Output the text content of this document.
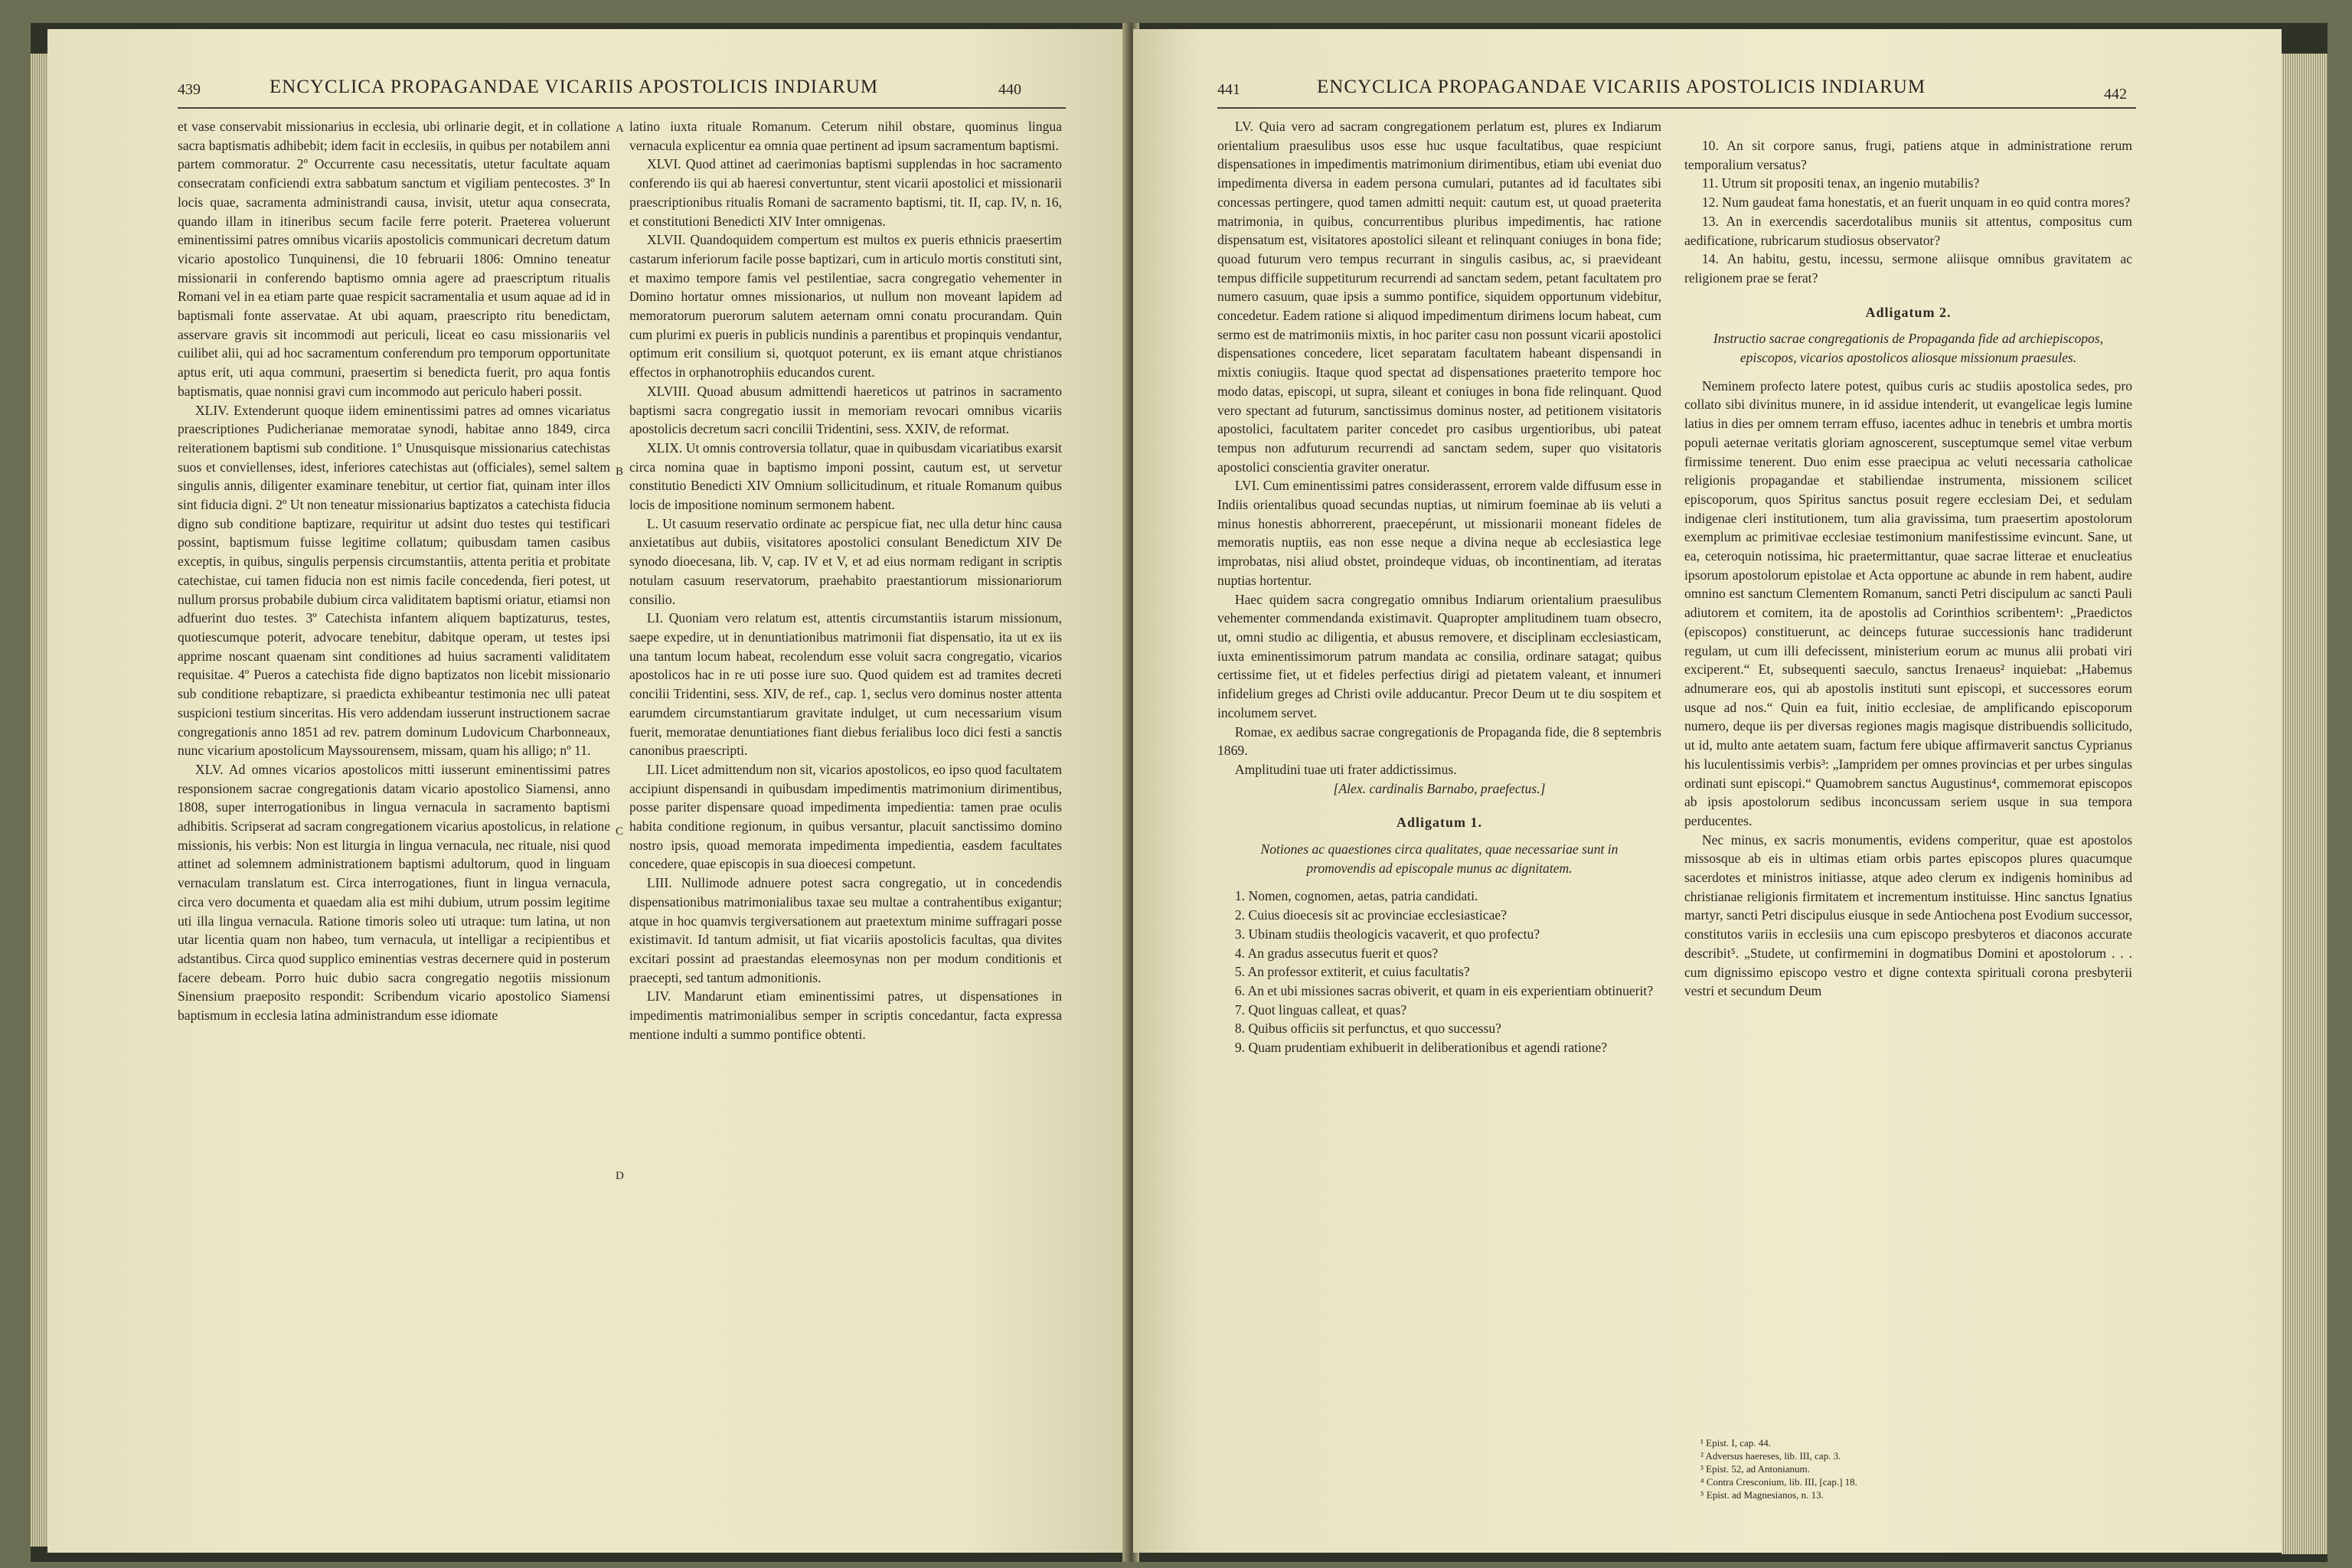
439	ENCYCLICA PROPAGANDAE VICARIIS APOSTOLICIS INDIARUM	440

et vase conservabit missionarius in ecclesia, ubi orlinarie degit, et in collatione sacra baptismatis adhibebit; idem facit in ecclesiis, in quibus per notabilem anni partem commoratur. 2º Occurrente casu necessitatis, utetur facultate aquam consecratam conficiendi extra sabbatum sanctum et vigiliam pentecostes. 3º In locis quae, sacramenta administrandi causa, invisit, utetur aqua consecrata, quando illam in itineribus secum facile ferre poterit. Praeterea voluerunt eminentissimi patres omnibus vicariis apostolicis communicari decretum datum vicario apostolico Tunquinensi, die 10 februarii 1806: Omnino teneatur missionarii in conferendo baptismo omnia agere ad praescriptum ritualis Romani vel in ea etiam parte quae respicit sacramentalia et usum aquae ad id in baptismali fonte asservatae. At ubi aquam, praescripto ritu benedictam, asservare gravis sit incommodi aut periculi, liceat eo casu missionariis vel cuilibet alii, qui ad hoc sacramentum conferendum pro temporum opportunitate aptus erit, uti aqua communi, praesertim si benedicta fuerit, pro aqua fontis baptismatis, quae nonnisi gravi cum incommodo aut periculo haberi possit.

XLIV. Extenderunt quoque iidem eminentissimi patres ad omnes vicariatus praescriptiones Pudicherianae memoratae synodi, habitae anno 1849, circa reiterationem baptismi sub conditione. 1º Unusquisque missionarius catechistas suos et conviellenses, idest, inferiores catechistas aut (officiales), semel saltem singulis annis, diligenter examinare tenebitur, ut certior fiat, quinam inter illos sint fiducia digni. 2º Ut non teneatur missionarius baptizatos a catechista fiducia digno sub conditione baptizare, requiritur ut adsint duo testes qui testificari possint, baptismum fuisse legitime collatum; quibusdam tamen casibus exceptis, in quibus, singulis perpensis circumstantiis, attenta peritia et probitate catechistae, cui tamen fiducia non est nimis facile concedenda, fieri potest, ut nullum prorsus probabile dubium circa validitatem baptismi oriatur, etiamsi non adfuerint duo testes. 3º Catechista infantem aliquem baptizaturus, testes, quotiescumque poterit, advocare tenebitur, dabitque operam, ut testes ipsi apprime noscant quaenam sint conditiones ad huius sacramenti validitatem requisitae. 4º Pueros a catechista fide digno baptizatos non licebit missionario sub conditione rebaptizare, si praedicta exhibeantur testimonia nec ulli pateat suspicioni testium sinceritas. His vero addendam iusserunt instructionem sacrae congregationis anno 1851 ad rev. patrem dominum Ludovicum Charbonneaux, nunc vicarium apostolicum Mayssourensem, missam, quam his alligo; nº 11.

XLV. Ad omnes vicarios apostolicos mitti iusserunt eminentissimi patres responsionem sacrae congregationis datam vicario apostolico Siamensi, anno 1808, super interrogationibus in lingua vernacula in sacramento baptismi adhibitis. Scripserat ad sacram congregationem vicarius apostolicus, in relatione missionis, his verbis: Non est liturgia in lingua vernacula, nec rituale, nisi quod attinet ad solemnem administrationem baptismi adultorum, quod in linguam vernaculam translatum est. Circa interrogationes, fiunt in lingua vernacula, circa vero documenta et quaedam alia est mihi dubium, utrum possim legitime uti illa lingua vernacula. Ratione timoris soleo uti utraque: tum latina, ut non utar licentia quam non habeo, tum vernacula, ut intelligar a recipientibus et adstantibus. Circa quod supplico eminentias vestras decernere quid in posterum facere debeam. Porro huic dubio sacra congregatio negotiis missionum Sinensium praeposito respondit: Scribendum vicario apostolico Siamensi baptismum in ecclesia latina administrandum esse idiomate

A
B
C
D

latino iuxta rituale Romanum. Ceterum nihil obstare, quominus lingua vernacula explicentur ea omnia quae pertinent ad ipsum sacramentum baptismi.

XLVI. Quod attinet ad caerimonias baptismi supplendas in hoc sacramento conferendo iis qui ab haeresi convertuntur, stent vicarii apostolici et missionarii praescriptionibus ritualis Romani de sacramento baptismi, tit. II, cap. IV, n. 16, et constitutioni Benedicti XIV Inter omnigenas.

XLVII. Quandoquidem compertum est multos ex pueris ethnicis praesertim castarum inferiorum facile posse baptizari, cum in articulo mortis constituti sint, et maximo tempore famis vel pestilentiae, sacra congregatio vehementer in Domino hortatur omnes missionarios, ut nullum non moveant lapidem ad memoratorum puerorum salutem aeternam omni conatu procurandam. Quin cum plurimi ex pueris in publicis nundinis a parentibus et propinquis vendantur, optimum erit consilium si, quotquot poterunt, ex iis emant atque christianos effectos in orphanotrophiis educandos curent.

XLVIII. Quoad abusum admittendi haereticos ut patrinos in sacramento baptismi sacra congregatio iussit in memoriam revocari omnibus vicariis apostolicis decretum sacri concilii Tridentini, sess. XXIV, de reformat.

XLIX. Ut omnis controversia tollatur, quae in quibusdam vicariatibus exarsit circa nomina quae in baptismo imponi possint, cautum est, ut servetur constitutio Benedicti XIV Omnium sollicitudinum, et rituale Romanum quibus locis de impositione nominum sermonem habent.

L. Ut casuum reservatio ordinate ac perspicue fiat, nec ulla detur hinc causa anxietatibus aut dubiis, visitatores apostolici consulant Benedictum XIV De synodo dioecesana, lib. V, cap. IV et V, et ad eius normam redigant in scriptis notulam casuum reservatorum, praehabito praestantiorum missionariorum consilio.

LI. Quoniam vero relatum est, attentis circumstantiis istarum missionum, saepe expedire, ut in denuntiationibus matrimonii fiat dispensatio, ita ut ex iis una tantum locum habeat, recolendum esse voluit sacra congregatio, vicarios apostolicos hac in re uti posse iure suo. Quod quidem est ad tramites decreti concilii Tridentini, sess. XIV, de ref., cap. 1, seclus vero dominus noster attenta earumdem circumstantiarum gravitate indulget, ut cum necessarium visum fuerit, memoratae denuntiationes fiant diebus ferialibus loco dici festi a sanctis canonibus praescripti.

LII. Licet admittendum non sit, vicarios apostolicos, eo ipso quod facultatem accipiunt dispensandi in quibusdam impedimentis matrimonium dirimentibus, posse pariter dispensare quoad impedimenta impedientia: tamen prae oculis habita conditione regionum, in quibus versantur, placuit sanctissimo domino nostro ipsis, quoad memorata impedimenta impedientia, easdem facultates concedere, quae episcopis in sua dioecesi competunt.

LIII. Nullimode adnuere potest sacra congregatio, ut in concedendis dispensationibus matrimonialibus taxae seu multae a contrahentibus exigantur; atque in hoc quamvis tergiversationem aut praetextum minime suffragari posse existimavit. Id tantum admisit, ut fiat vicariis apostolicis facultas, qua divites excitari possint ad praestandas eleemosynas non per modum conditionis et praecepti, sed tantum admonitionis.

LIV. Mandarunt etiam eminentissimi patres, ut dispensationes in impedimentis matrimonialibus semper in scriptis concedantur, facta expressa mentione indulti a summo pontifice obtenti.

441	ENCYCLICA PROPAGANDAE VICARIIS APOSTOLICIS INDIARUM	442

LV. Quia vero ad sacram congregationem perlatum est, plures ex Indiarum orientalium praesulibus usos esse huc usque facultatibus, quae respiciunt dispensationes in impedimentis matrimonium dirimentibus, etiam ubi eveniat duo impedimenta diversa in eadem persona cumulari, putantes ad id facultates sibi concessas pertingere, quod tamen admitti nequit: cautum est, ut quoad praeterita matrimonia, in quibus, concurrentibus pluribus impedimentis, hac ratione dispensatum est, visitatores apostolici sileant et relinquant coniuges in bona fide; quoad futurum vero tempus recurrant in singulis casibus, ac, si praevideant tempus difficile suppetiturum recurrendi ad sanctam sedem, petant facultatem pro numero casuum, quae ipsis a summo pontifice, siquidem opportunum videbitur, concedetur. Eadem ratione si aliquod impedimentum dirimens locum habeat, cum sermo est de matrimoniis mixtis, in hoc pariter casu non possunt vicarii apostolici dispensationes concedere, licet separatam facultatem habeant dispensandi in mixtis coniugiis. Itaque quod spectat ad dispensationes praeterito tempore hoc modo datas, episcopi, ut supra, sileant et coniuges in bona fide relinquant. Quod vero spectant ad futurum, sanctissimus dominus noster, ad petitionem visitatoris apostolici, facultatem pariter concedet pro casibus urgentioribus, ubi pateat tempus non adfuturum recurrendi ad sanctam sedem, super quo visitatoris apostolici conscientia graviter oneratur.

LVI. Cum eminentissimi patres considerassent, errorem valde diffusum esse in Indiis orientalibus quoad secundas nuptias, ut nimirum foeminae ab iis veluti a minus honestis abhorrerent, praecepérunt, ut missionarii moneant fideles de memoratis nuptiis, eas non esse neque a divina neque ab ecclesiastica lege improbatas, nisi aliud obstet, proindeque viduas, ob incontinentiam, ad iteratas nuptias hortentur.

Haec quidem sacra congregatio omnibus Indiarum orientalium praesulibus vehementer commendanda existimavit. Quapropter amplitudinem tuam obsecro, ut, omni studio ac diligentia, et abusus removere, et disciplinam ecclesiasticam, iuxta eminentissimorum patrum mandata ac consilia, ordinare satagat; quibus certissime fiet, ut et fideles perfectius dirigi ad pietatem valeant, et innumeri infidelium greges ad Christi ovile adducantur. Precor Deum ut te diu sospitem et incolumem servet.

Romae, ex aedibus sacrae congregationis de Propaganda fide, die 8 septembris 1869.

Amplitudini tuae uti frater addictissimus.

[Alex. cardinalis Barnabo, praefectus.]

Adligatum 1.

Notiones ac quaestiones circa qualitates, quae necessariae sunt in promovendis ad episcopale munus ac dignitatem.

1. Nomen, cognomen, aetas, patria candidati.

2. Cuius dioecesis sit ac provinciae ecclesiasticae?

3. Ubinam studiis theologicis vacaverit, et quo profectu?

4. An gradus assecutus fuerit et quos?

5. An professor extiterit, et cuius facultatis?

6. An et ubi missiones sacras obiverit, et quam in eis experientiam obtinuerit?

7. Quot linguas calleat, et quas?

8. Quibus officiis sit perfunctus, et quo successu?

9. Quam prudentiam exhibuerit in deliberationibus et agendi ratione?

10. An sit corpore sanus, frugi, patiens atque in administratione rerum temporalium versatus?

11. Utrum sit propositi tenax, an ingenio mutabilis?

12. Num gaudeat fama honestatis, et an fuerit unquam in eo quid contra mores?

13. An in exercendis sacerdotalibus muniis sit attentus, compositus cum aedificatione, rubricarum studiosus observator?

14. An habitu, gestu, incessu, sermone aliisque omnibus gravitatem ac religionem prae se ferat?

Adligatum 2.

Instructio sacrae congregationis de Propaganda fide ad archiepiscopos, episcopos, vicarios apostolicos aliosque missionum praesules.

Neminem profecto latere potest, quibus curis ac studiis apostolica sedes, pro collato sibi divinitus munere, in id assidue intenderit, ut evangelicae legis lumine latius in dies per omnem terram effuso, iacentes adhuc in tenebris et umbra mortis populi aeternae veritatis gloriam agnoscerent, susceptumque semel vitae verbum firmissime tenerent. Duo enim esse praecipua ac veluti necessaria catholicae religionis propagandae et stabiliendae instrumenta, missionem scilicet episcoporum, quos Spiritus sanctus posuit regere ecclesiam Dei, et sedulam indigenae cleri institutionem, tum alia gravissima, tum praesertim apostolorum exemplum ac primitivae ecclesiae testimonium manifestissime evincunt. Sane, ut ea, ceteroquin notissima, hic praetermittantur, quae sacrae litterae et enucleatius ipsorum apostolorum epistolae et Acta opportune ac abunde in rem habent, audire omnino est sanctum Clementem Romanum, sancti Petri discipulum ac sancti Pauli adiutorem et comitem, ita de apostolis ad Corinthios scribentem¹: „Praedictos (episcopos) constituerunt, ac deinceps futurae successionis hanc tradiderunt regulam, ut cum illi defecissent, ministerium eorum ac munus alii probati viri exciperent.“ Et, subsequenti saeculo, sanctus Irenaeus² inquiebat: „Habemus adnumerare eos, qui ab apostolis instituti sunt episcopi, et successores eorum usque ad nos.“ Quin ea fuit, initio ecclesiae, de amplificando episcoporum numero, deque iis per diversas regiones magis magisque distribuendis sollicitudo, ut id, multo ante aetatem suam, factum fere ubique affirmaverit sanctus Cyprianus his luculentissimis verbis³: „Iampridem per omnes provincias et per urbes singulas ordinati sunt episcopi.“ Quamobrem sanctus Augustinus⁴, commemorat episcopos ab ipsis apostolorum sedibus inconcussam seriem usque in sua tempora perducentes.

Nec minus, ex sacris monumentis, evidens comperitur, quae est apostolos missosque ab eis in ultimas etiam orbis partes episcopos plures quacumque sacerdotes et ministros initiasse, atque adeo clerum ex indigenis hominibus ad christianae religionis firmitatem et incrementum instituisse. Hinc sanctus Ignatius martyr, sancti Petri discipulus eiusque in sede Antiochena post Evodium successor, constitutos variis in ecclesiis una cum episcopo presbyteros et diaconos accurate describit⁵. „Studete, ut confirmemini in dogmatibus Domini et apostolorum . . . cum dignissimo episcopo vestro et digne contexta spirituali corona presbyterii vestri et secundum Deum

¹ Epist. I, cap. 44.
² Adversus haereses, lib. III, cap. 3.
³ Epist. 52, ad Antonianum.
⁴ Contra Cresconium, lib. III, [cap.] 18.
⁵ Epist. ad Magnesianos, n. 13.
